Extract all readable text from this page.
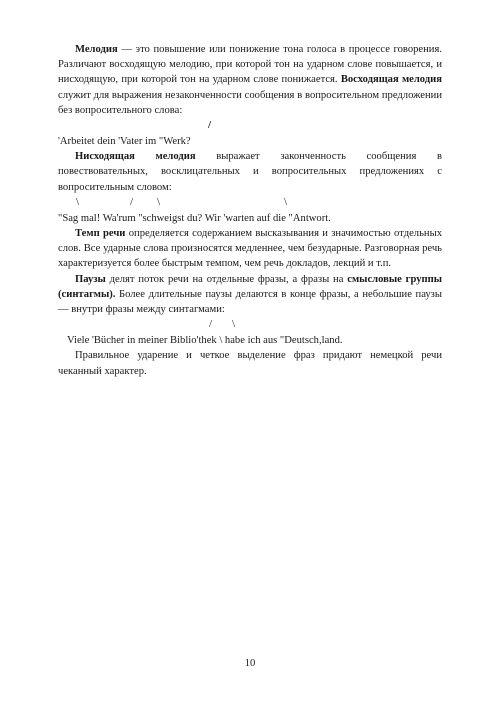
Мелодия — это повышение или понижение тона голоса в процессе говорения. Различают восходящую мелодию, при которой тон на ударном слове повышается, и нисходящую, при которой тон на ударном слове понижается. Восходящая мелодия служит для выражения незаконченности сообщения в вопросительном предложении без вопросительного слова:

/

'Arbeitet dein 'Vater im "Werk?

Нисходящая мелодия выражает законченность сообщения в повествовательных, восклицательных и вопросительных предложениях с вопросительным словом:

\	/ \	\

"Sag mal! Wa'rum "schweigst du? Wir 'warten auf die "Antwort.

Темп речи определяется содержанием высказывания и значимостью отдельных слов. Все ударные слова произносятся медленнее, чем безударные. Разговорная речь характеризуется более быстрым темпом, чем речь докладов, лекций и т.п.

Паузы делят поток речи на отдельные фразы, а фразы на смысловые группы (синтагмы). Более длительные паузы делаются в конце фразы, а небольшие паузы — внутри фразы между синтагмами:

/ \

Viele 'Bücher in meiner Biblio'thek \ habe ich aus "Deutsch,land.

Правильное ударение и четкое выделение фраз придают немецкой речи чеканный характер.

10
